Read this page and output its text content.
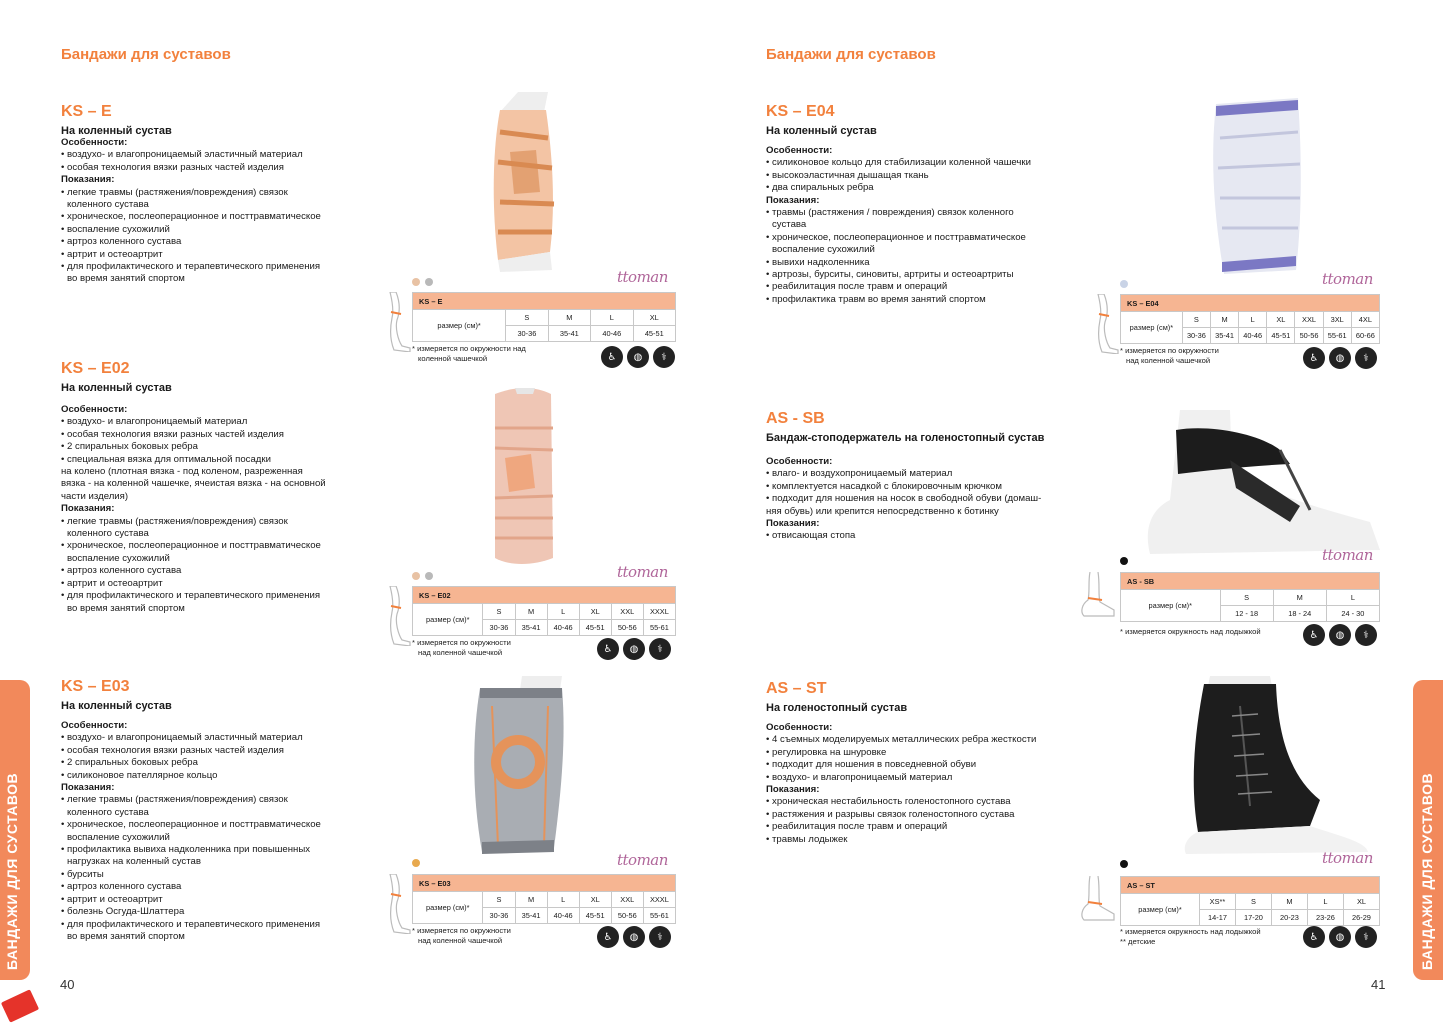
Бандажи для суставов
KS – E
На коленный сустав
Особенности:
• воздухо- и влагопроницаемый эластичный материал
• особая технология вязки разных частей изделия
Показания:
• легкие травмы (растяжения/повреждения) связок
коленного сустава
• хроническое, послеоперационное и посттравматическое
• воспаление сухожилий
• артроз коленного сустава
• артрит и остеоартрит
• для профилактического и терапевтического применения
во время занятий спортом	ttoman
KS – E				
размер (см)*	S	M	L	XL
	30-36	35-41	40-46	45-51
* измеряется по окружности над
коленной чашечкой	♿	◍	⚕
KS – E02
На коленный сустав
Особенности:
• воздухо- и влагопроницаемый материал
• особая технология вязки разных частей изделия
• 2 спиральных боковых ребра
• специальная вязка для оптимальной посадки
на колено (плотная вязка - под коленом, разреженная
вязка - на коленной чашечке, ячеистая вязка - на основной
части изделия)
Показания:
• легкие травмы (растяжения/повреждения) связок
коленного сустава
• хроническое, послеоперационное и посттравматическое
воспаление сухожилий
• артроз коленного сустава
• артрит и остеоартрит
• для профилактического и терапевтического применения
во время занятий спортом
ttoman
KS – E02						
размер (см)*	S	M	L	XL	XXL	XXXL
	30-36	35-41	40-46	45-51	50-56	55-61
* измеряется по окружности
над коленной чашечкой	♿	◍	⚕
KS – E03
На коленный сустав
Особенности:
• воздухо- и влагопроницаемый эластичный материал
• особая технология вязки разных частей изделия
• 2 спиральных боковых ребра
• силиконовое пателлярное кольцо
Показания:
• легкие травмы (растяжения/повреждения) связок
коленного сустава
• хроническое, послеоперационное и посттравматическое
воспаление сухожилий
• профилактика вывиха надколенника при повышенных
нагрузках на коленный сустав
• бурситы
• артроз коленного сустава
• артрит и остеоартрит
• болезнь Осгуда-Шлаттера
• для профилактического и терапевтического применения
во время занятий спортом
ttoman
KS – E03						
размер (см)*	S	M	L	XL	XXL	XXXL
	30-36	35-41	40-46	45-51	50-56	55-61
* измеряется по окружности
над коленной чашечкой	♿	◍	⚕
БАНДАЖИ ДЛЯ СУСТАВОВ
40
Бандажи для суставов
KS – E04
На коленный сустав
Особенности:
• силиконовое кольцо для стабилизации коленной чашечки
• высокоэластичная дышащая ткань
• два спиральных ребра
Показания:
• травмы (растяжения / повреждения) связок коленного
сустава
• хроническое, послеоперационное и посттравматическое
воспаление сухожилий
• вывихи надколенника
• артрозы, бурситы, синовиты, артриты и остеоартриты
• реабилитация после травм и операций
• профилактика травм во время занятий спортом
ttoman
KS – E04							
размер (см)*	S	M	L	XL	XXL	3XL	4XL
	30-36	35-41	40-46	45-51	50-56	55-61	60-66
* измеряется по окружности
над коленной чашечкой	♿	◍	⚕
AS - SB
Бандаж-стоподержатель на голеностопный сустав
Особенности:
• влаго- и воздухопроницаемый материал
• комплектуется насадкой с блокировочным крючком
• подходит для ношения на носок в свободной обуви (домаш-
няя обувь) или крепится непосредственно к ботинку
Показания:
• отвисающая стопа
ttoman
AS - SB			
размер (см)*	S	M	L
	12 - 18	18 - 24	24 - 30
* измеряется окружность над лодыжкой	♿	◍	⚕
AS – ST
На голеностопный сустав
Особенности:
• 4 съемных моделируемых металлических ребра жесткости
• регулировка на шнуровке
• подходит для ношения в повседневной обуви
• воздухо- и влагопроницаемый материал
Показания:
• хроническая нестабильность голеностопного сустава
• растяжения и разрывы связок голеностопного сустава
• реабилитация после травм и операций
• травмы лодыжек
ttoman
AS – ST					
размер (см)*	XS**	S	M	L	XL
	14-17	17-20	20-23	23-26	26-29
* измеряется окружность над лодыжкой
** детские	♿	◍	⚕	БАНДАЖИ ДЛЯ СУСТАВОВ
41
